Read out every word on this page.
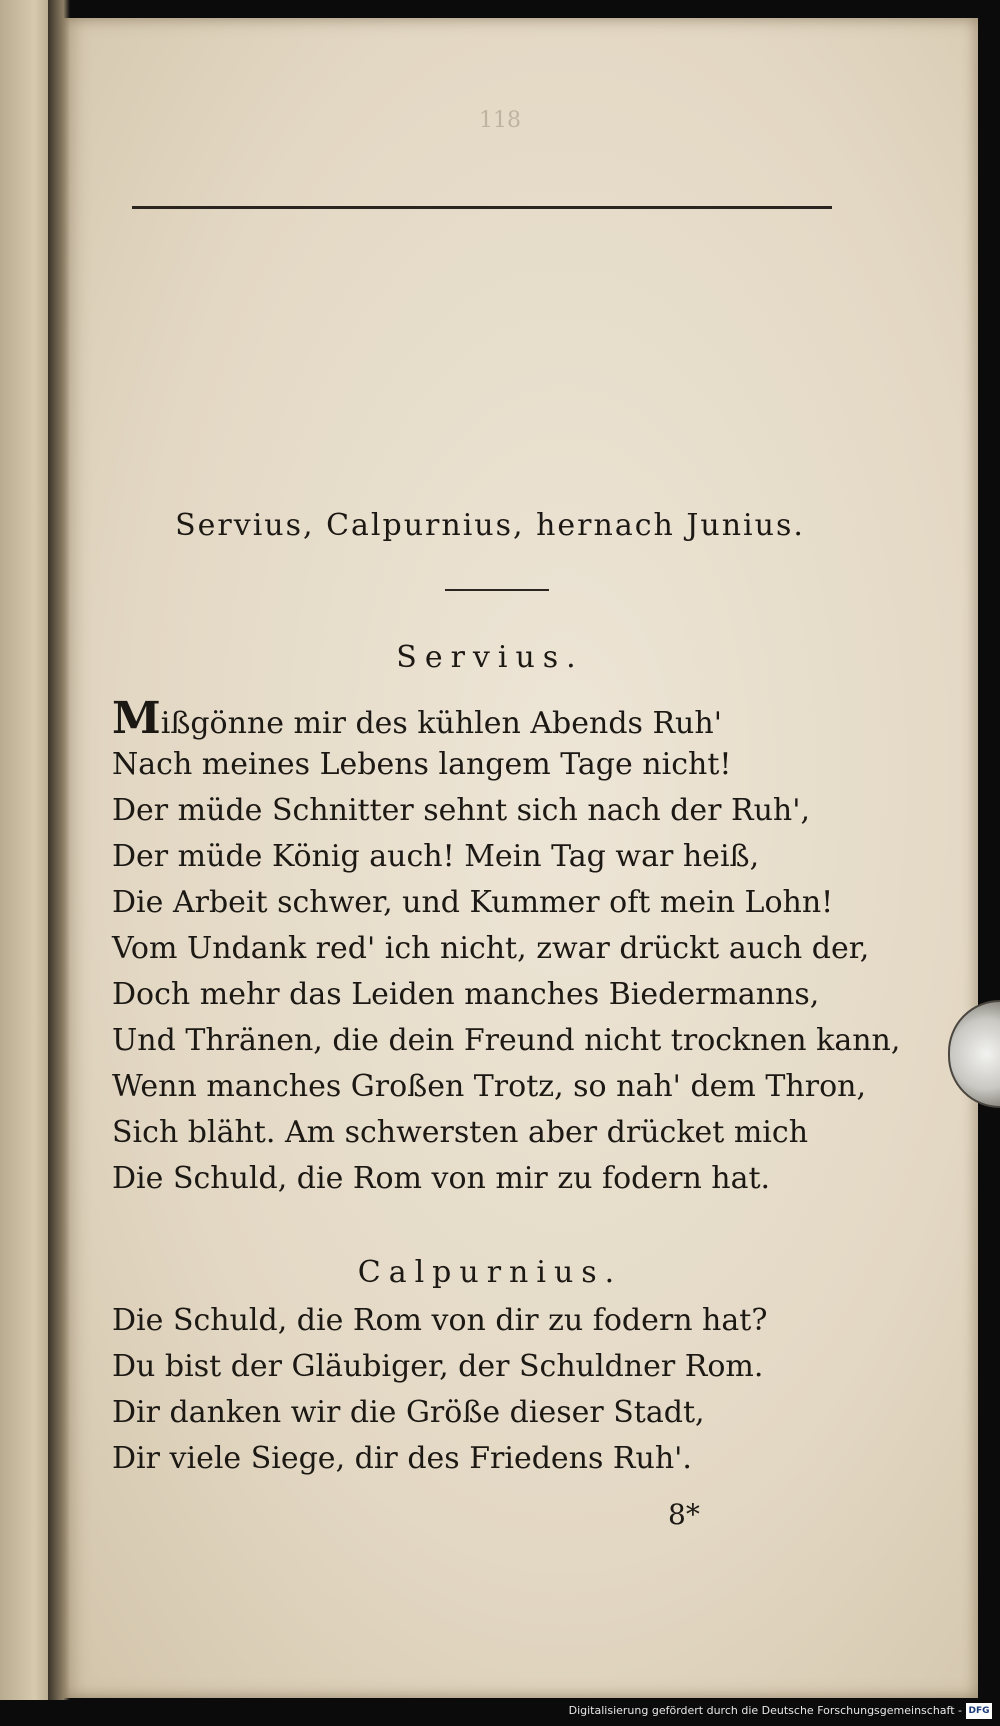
118
Servius, Calpurnius, hernach Junius.
Servius.
Mißgönne mir des kühlen Abends Ruh'
Nach meines Lebens langem Tage nicht!
Der müde Schnitter sehnt sich nach der Ruh',
Der müde König auch! Mein Tag war heiß,
Die Arbeit schwer, und Kummer oft mein Lohn!
Vom Undank red' ich nicht, zwar drückt auch der,
Doch mehr das Leiden manches Biedermanns,
Und Thränen, die dein Freund nicht trocknen kann,
Wenn manches Großen Trotz, so nah' dem Thron,
Sich bläht. Am schwersten aber drücket mich
Die Schuld, die Rom von mir zu fodern hat.
Calpurnius.
Die Schuld, die Rom von dir zu fodern hat?
Du bist der Gläubiger, der Schuldner Rom.
Dir danken wir die Größe dieser Stadt,
Dir viele Siege, dir des Friedens Ruh'.
8*
Digitalisierung gefördert durch die Deutsche Forschungsgemeinschaft - DFG
